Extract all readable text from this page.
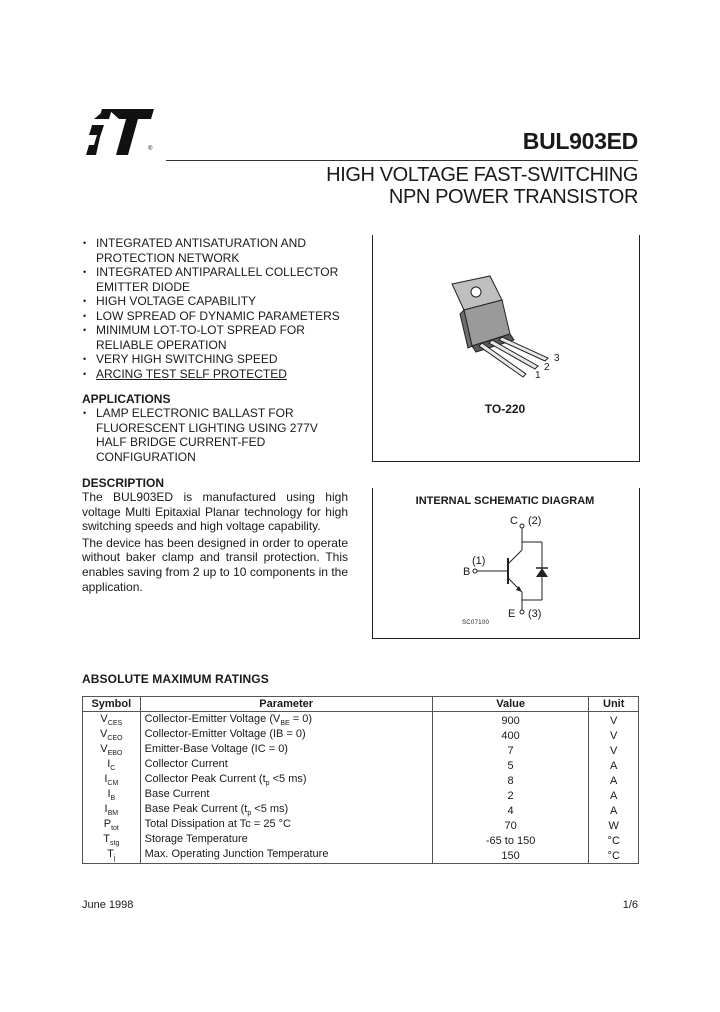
®	BUL903ED
HIGH VOLTAGE FAST-SWITCHING
NPN POWER TRANSISTOR
• INTEGRATED ANTISATURATION AND
PROTECTION NETWORK
• INTEGRATED ANTIPARALLEL COLLECTOR
EMITTER DIODE
• HIGH VOLTAGE CAPABILITY
• LOW SPREAD OF DYNAMIC PARAMETERS
• MINIMUM LOT-TO-LOT SPREAD FOR
RELIABLE OPERATION
• VERY HIGH SWITCHING SPEED
• ARCING TEST SELF PROTECTED
APPLICATIONS
• LAMP ELECTRONIC BALLAST FOR
FLUORESCENT LIGHTING USING 277V
HALF BRIDGE CURRENT-FED
CONFIGURATION
DESCRIPTION

The BUL903ED is manufactured using high voltage Multi Epitaxial Planar technology for high switching speeds and high voltage capability.

The device has been designed in order to operate without baker clamp and transil protection. This enables saving from 2 up to 10 components in the application.

1
2
3
TO-220
INTERNAL SCHEMATIC DIAGRAM
C (2)
(1)
B
E (3)
SC07100
ABSOLUTE MAXIMUM RATINGS
Symbol	Parameter	Value	Unit
$V_{CES}$	Collector-Emitter Voltage $(V_{BE} = 0)$	900	V
$V_{CEO}$	Collector-Emitter Voltage (IB = 0)	400	V
$V_{EBO}$	Emitter-Base Voltage (IC = 0)	7	V
$I_C$	Collector Current	5	A
$I_{CM}$	Collector Peak Current ($t_p <5$ ms)	8	A
$I_B$	Base Current	2	A
$I_{BM}$	Base Peak Current ($t_p <5$ ms)	4	A
$P_{tot}$	Total Dissipation at Tc = 25 °C	70	W
$T_{stg}$	Storage Temperature	-65 to 150	°C
$T_j$	Max. Operating Junction Temperature	150	°C
June 1998	1/6
